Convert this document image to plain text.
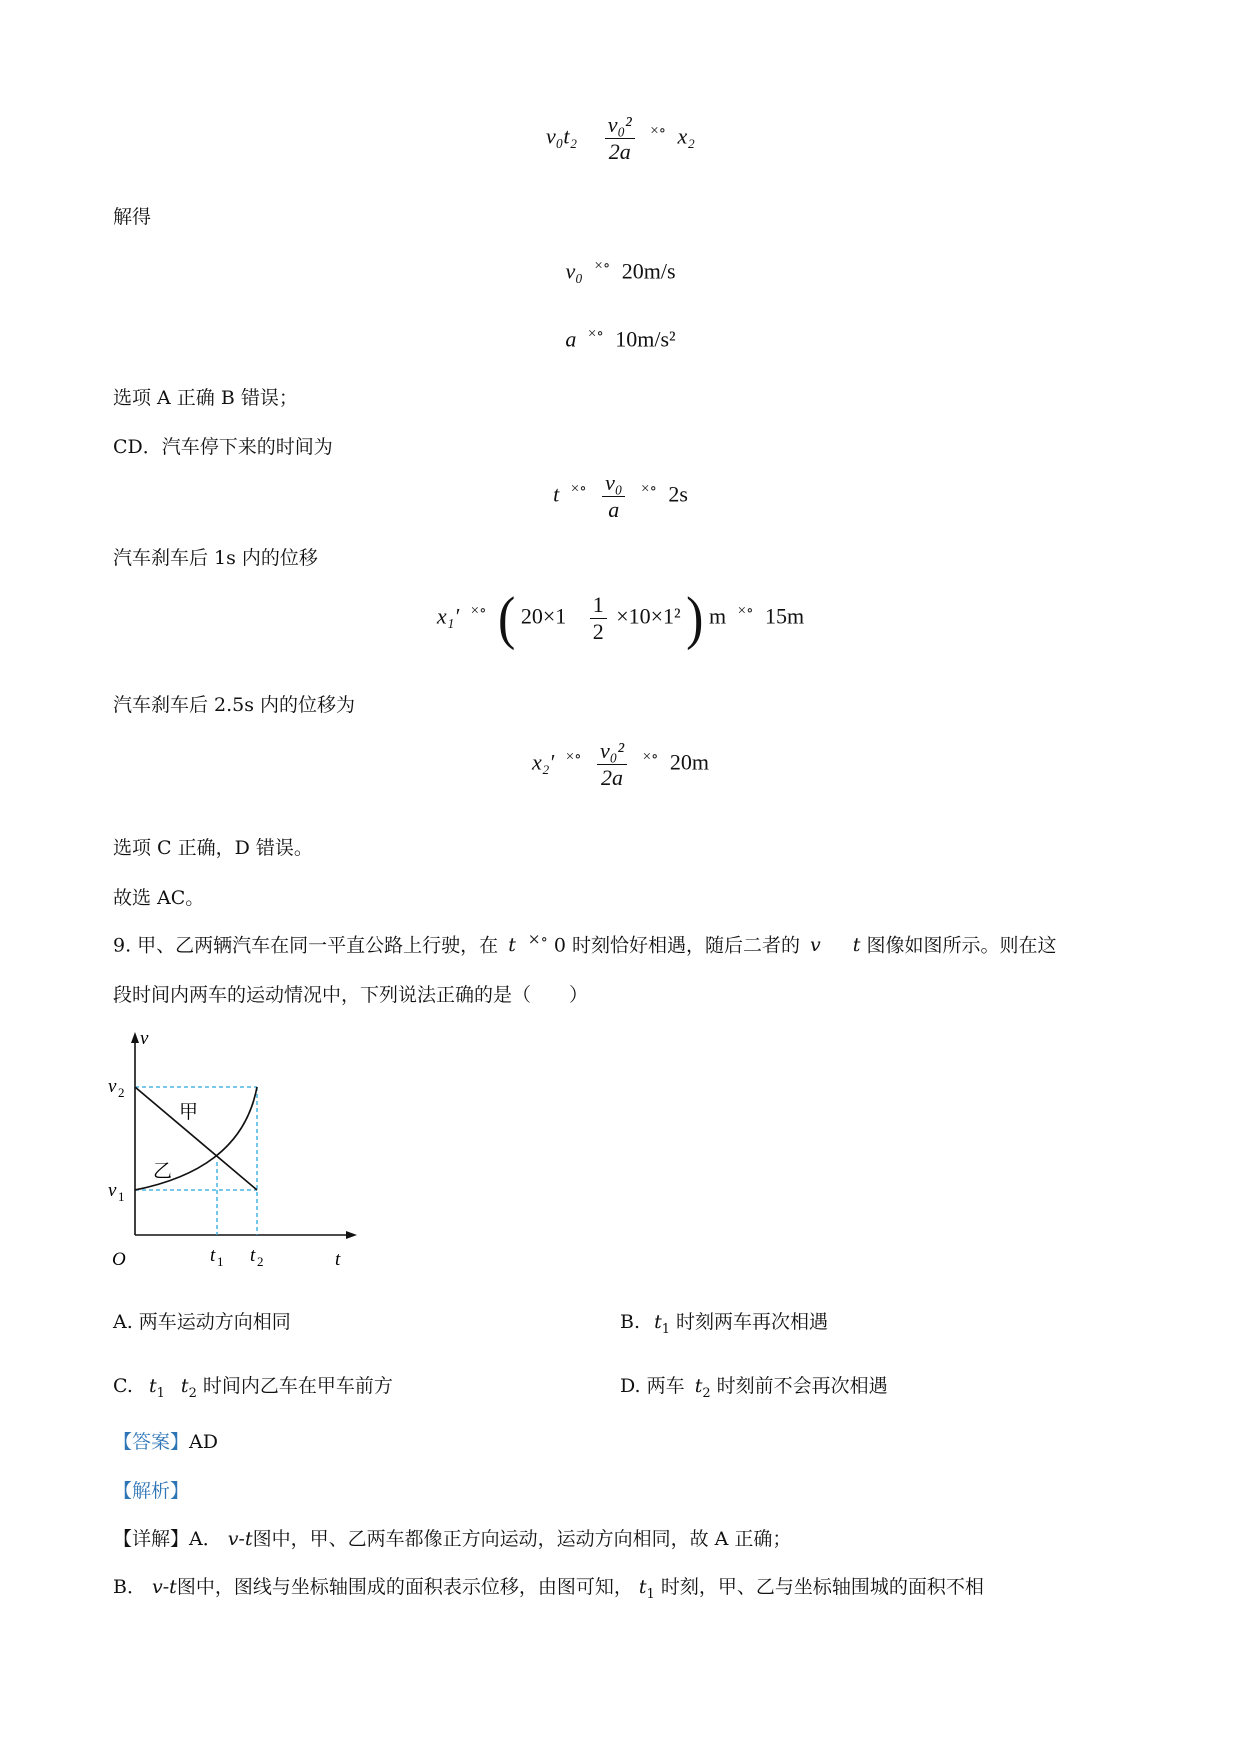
$v_0t_2 \frac{\text{v₀²}}{2a} ^{\times\circ}$ x₂
解得
v₀ ×∘ 20m/s
a ×∘ 10m/s²
选项 A 正确 B 错误；
CD．汽车停下来的时间为
t $^{\times\circ} \frac{\text{v₀}}{a} ^{\times\circ}$ 2s
汽车刹车后 1s 内的位移
x₁′ ×∘ ( $20\times 1 \frac{1}{2} \times 10\times 1^2$ ) m ×∘ 15m
汽车刹车后 2.5s 内的位移为
x₂′ $^{\times\circ} \frac{\text{v₀²}}{2a} ^{\times\circ}$ 20m
选项 C 正确，D 错误。
故选 AC。
9. 甲、乙两辆汽车在同一平直公路上行驶，在 t ×∘ 0 时刻恰好相遇，随后二者的 v t 图像如图所示。则在这
段时间内两车的运动情况中，下列说法正确的是（　　）
v
t
O
v 2
v 1
t 1 t 2
甲
乙
A. 两车运动方向相同	B. $t_1$ 时刻两车再次相遇
C. $t_1$ $t_2$ 时间内乙车在甲车前方	D. 两车 $t_2$ 时刻前不会再次相遇
【答案】AD
【解析】
【详解】A． v-t图中，甲、乙两车都像正方向运动，运动方向相同，故 A 正确；
B． v-t图中，图线与坐标轴围成的面积表示位移，由图可知， $t_1$ 时刻，甲、乙与坐标轴围城的面积不相
